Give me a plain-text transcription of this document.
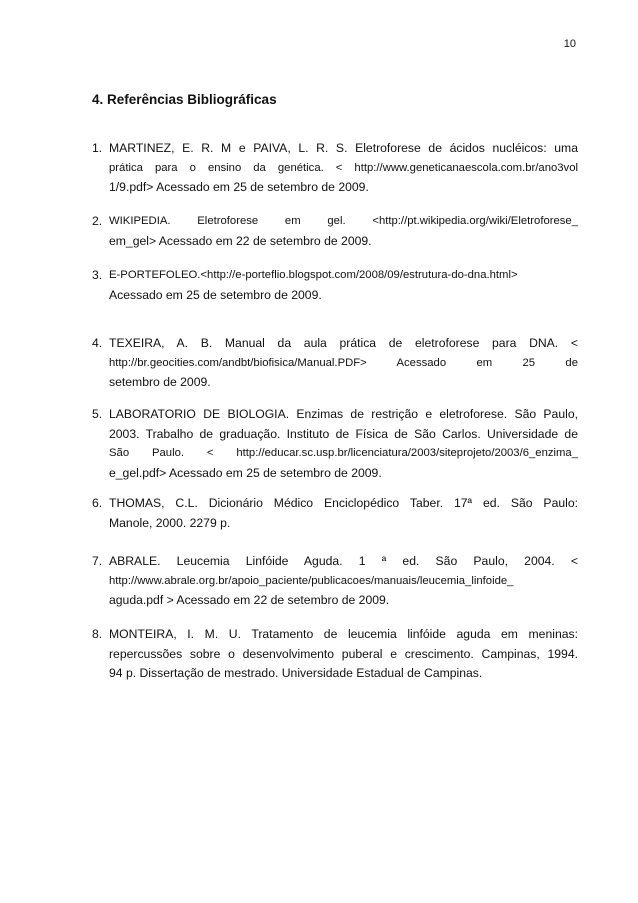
10
4. Referências Bibliográficas
1. MARTINEZ, E. R. M e PAIVA, L. R. S. Eletroforese de ácidos nucléicos: uma
prática para o ensino da genética. < http://www.geneticanaescola.com.br/ano3vol
1/9.pdf> Acessado em 25 de setembro de 2009.
2. WIKIPEDIA. Eletroforese em gel. <http://pt.wikipedia.org/wiki/Eletroforese_
em_gel> Acessado em 22 de setembro de 2009.
3. E-PORTEFOLEO.<http://e-porteflio.blogspot.com/2008/09/estrutura-do-dna.html>
Acessado em 25 de setembro de 2009.
4. TEXEIRA, A. B. Manual da aula prática de eletroforese para DNA. <
http://br.geocities.com/andbt/biofisica/Manual.PDF> Acessado em 25 de
setembro de 2009.
5. LABORATORIO DE BIOLOGIA. Enzimas de restrição e eletroforese. São Paulo,
2003. Trabalho de graduação. Instituto de Física de São Carlos. Universidade de
São Paulo. < http://educar.sc.usp.br/licenciatura/2003/siteprojeto/2003/6_enzima_
e_gel.pdf> Acessado em 25 de setembro de 2009.
6. THOMAS, C.L. Dicionário Médico Enciclopédico Taber. 17ª ed. São Paulo:
Manole, 2000. 2279 p.
7. ABRALE. Leucemia Linfóide Aguda. 1 ª ed. São Paulo, 2004. <
http://www.abrale.org.br/apoio_paciente/publicacoes/manuais/leucemia_linfoide_
aguda.pdf > Acessado em 22 de setembro de 2009.
8. MONTEIRA, I. M. U. Tratamento de leucemia linfóide aguda em meninas:
repercussões sobre o desenvolvimento puberal e crescimento. Campinas, 1994.
94 p. Dissertação de mestrado. Universidade Estadual de Campinas.
